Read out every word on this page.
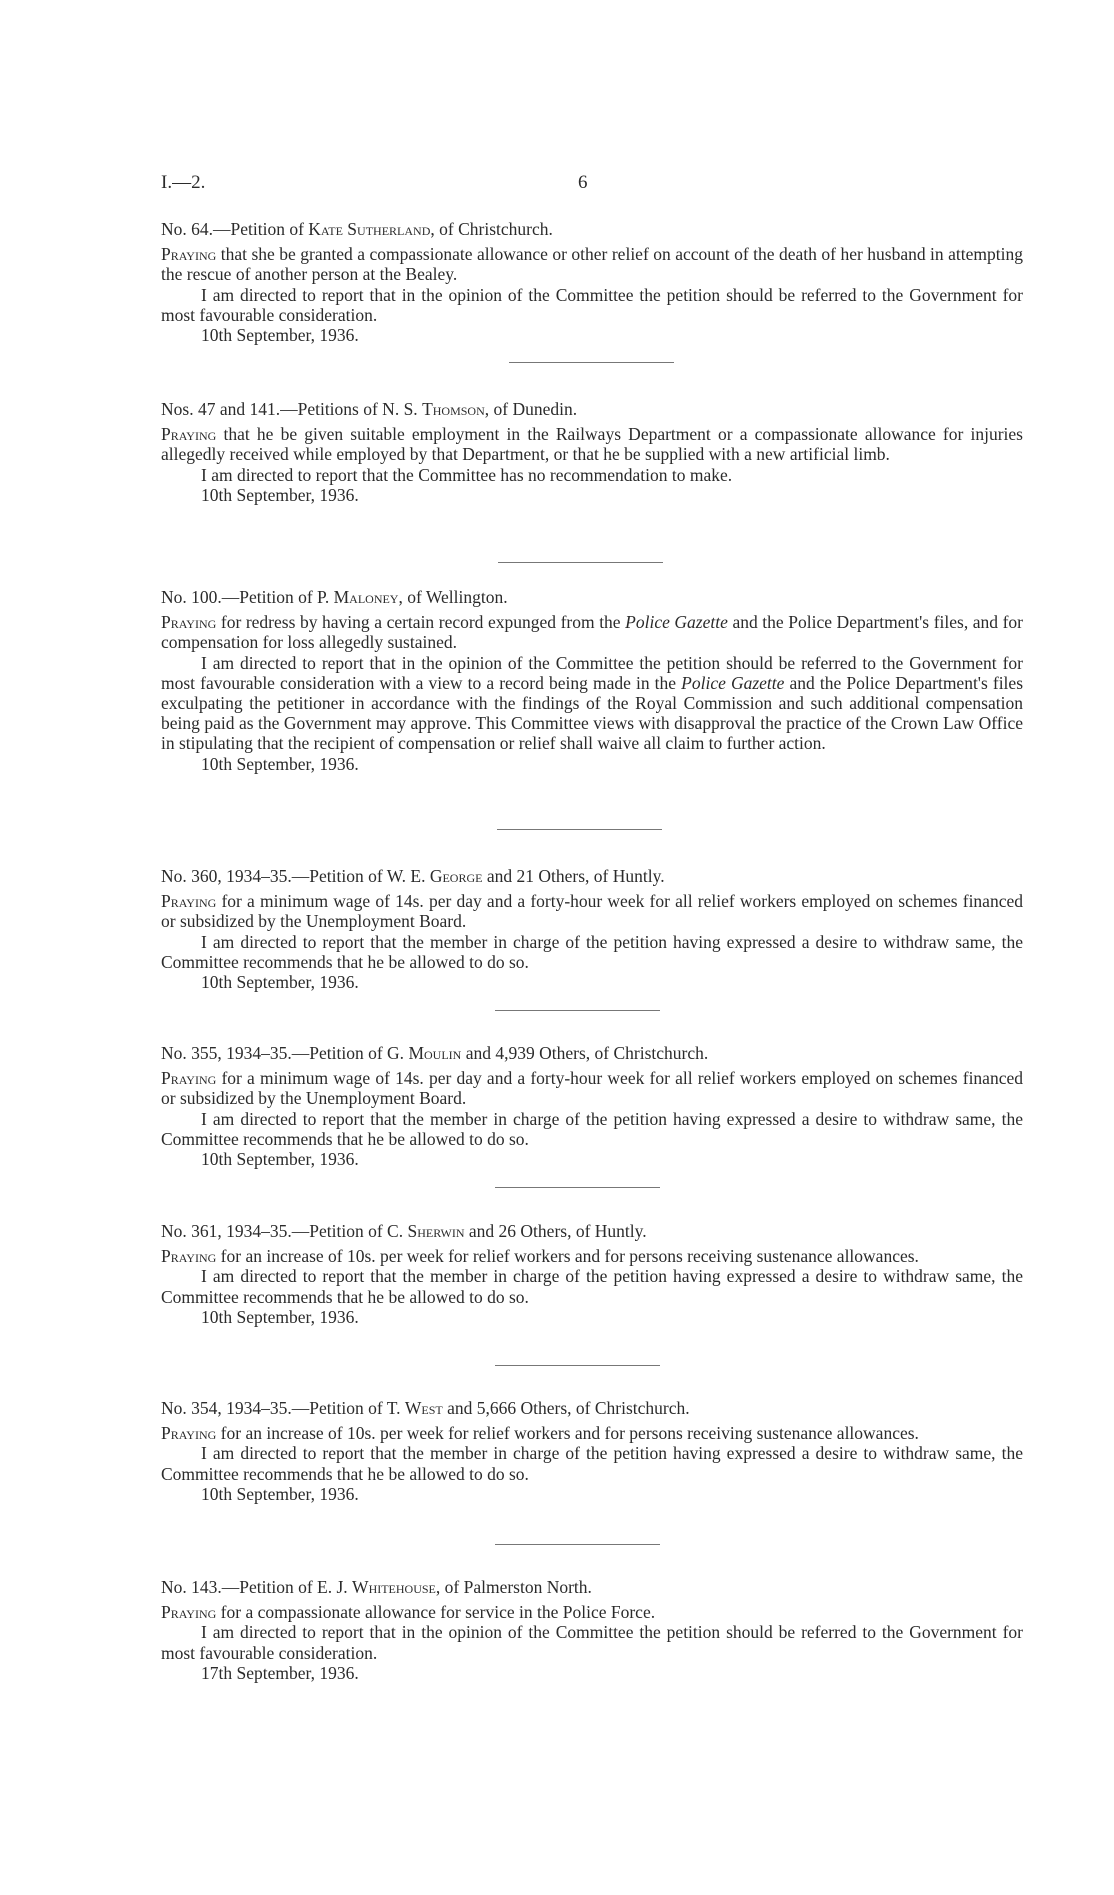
I.—2.	6

No. 64.—Petition of Kate Sutherland, of Christchurch.

Praying that she be granted a compassionate allowance or other relief on account of the death of her husband in attempting the rescue of another person at the Bealey.

I am directed to report that in the opinion of the Committee the petition should be referred to the Government for most favourable consideration.

10th September, 1936.

Nos. 47 and 141.—Petitions of N. S. Thomson, of Dunedin.

Praying that he be given suitable employment in the Railways Department or a compassionate allowance for injuries allegedly received while employed by that Department, or that he be supplied with a new artificial limb.

I am directed to report that the Committee has no recommendation to make.

10th September, 1936.

No. 100.—Petition of P. Maloney, of Wellington.

Praying for redress by having a certain record expunged from the Police Gazette and the Police Department's files, and for compensation for loss allegedly sustained.

I am directed to report that in the opinion of the Committee the petition should be referred to the Government for most favourable consideration with a view to a record being made in the Police Gazette and the Police Department's files exculpating the petitioner in accordance with the findings of the Royal Commission and such additional compensation being paid as the Government may approve. This Committee views with disapproval the practice of the Crown Law Office in stipulating that the recipient of compensation or relief shall waive all claim to further action.

10th September, 1936.

No. 360, 1934–35.—Petition of W. E. George and 21 Others, of Huntly.

Praying for a minimum wage of 14s. per day and a forty-hour week for all relief workers employed on schemes financed or subsidized by the Unemployment Board.

I am directed to report that the member in charge of the petition having expressed a desire to withdraw same, the Committee recommends that he be allowed to do so.

10th September, 1936.

No. 355, 1934–35.—Petition of G. Moulin and 4,939 Others, of Christchurch.

Praying for a minimum wage of 14s. per day and a forty-hour week for all relief workers employed on schemes financed or subsidized by the Unemployment Board.

I am directed to report that the member in charge of the petition having expressed a desire to withdraw same, the Committee recommends that he be allowed to do so.

10th September, 1936.

No. 361, 1934–35.—Petition of C. Sherwin and 26 Others, of Huntly.

Praying for an increase of 10s. per week for relief workers and for persons receiving sustenance allowances.

I am directed to report that the member in charge of the petition having expressed a desire to withdraw same, the Committee recommends that he be allowed to do so.

10th September, 1936.

No. 354, 1934–35.—Petition of T. West and 5,666 Others, of Christchurch.

Praying for an increase of 10s. per week for relief workers and for persons receiving sustenance allowances.

I am directed to report that the member in charge of the petition having expressed a desire to withdraw same, the Committee recommends that he be allowed to do so.

10th September, 1936.

No. 143.—Petition of E. J. Whitehouse, of Palmerston North.

Praying for a compassionate allowance for service in the Police Force.

I am directed to report that in the opinion of the Committee the petition should be referred to the Government for most favourable consideration.

17th September, 1936.
